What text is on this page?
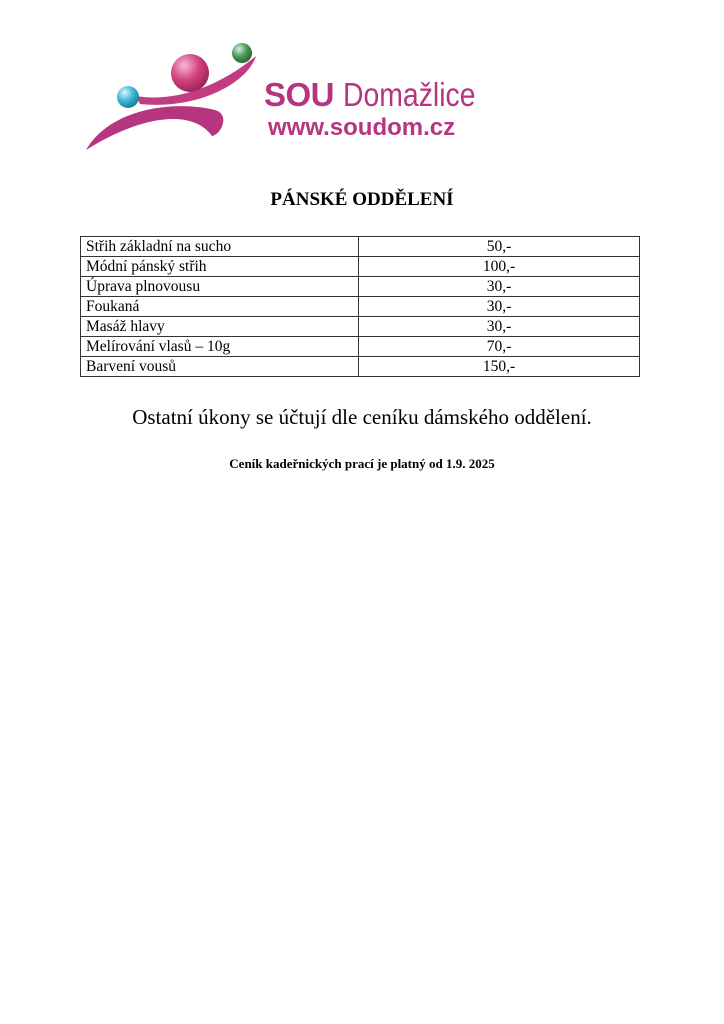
SOU Domažlice
www.soudom.cz
PÁNSKÉ ODDĚLENÍ
Střih základní na sucho	50,-
Módní pánský střih	100,-
Úprava plnovousu	30,-
Foukaná	30,-
Masáž hlavy	30,-
Melírování vlasů – 10g	70,-
Barvení vousů	150,-
Ostatní úkony se účtují dle ceníku dámského oddělení.
Ceník kadeřnických prací je platný od 1.9. 2025
